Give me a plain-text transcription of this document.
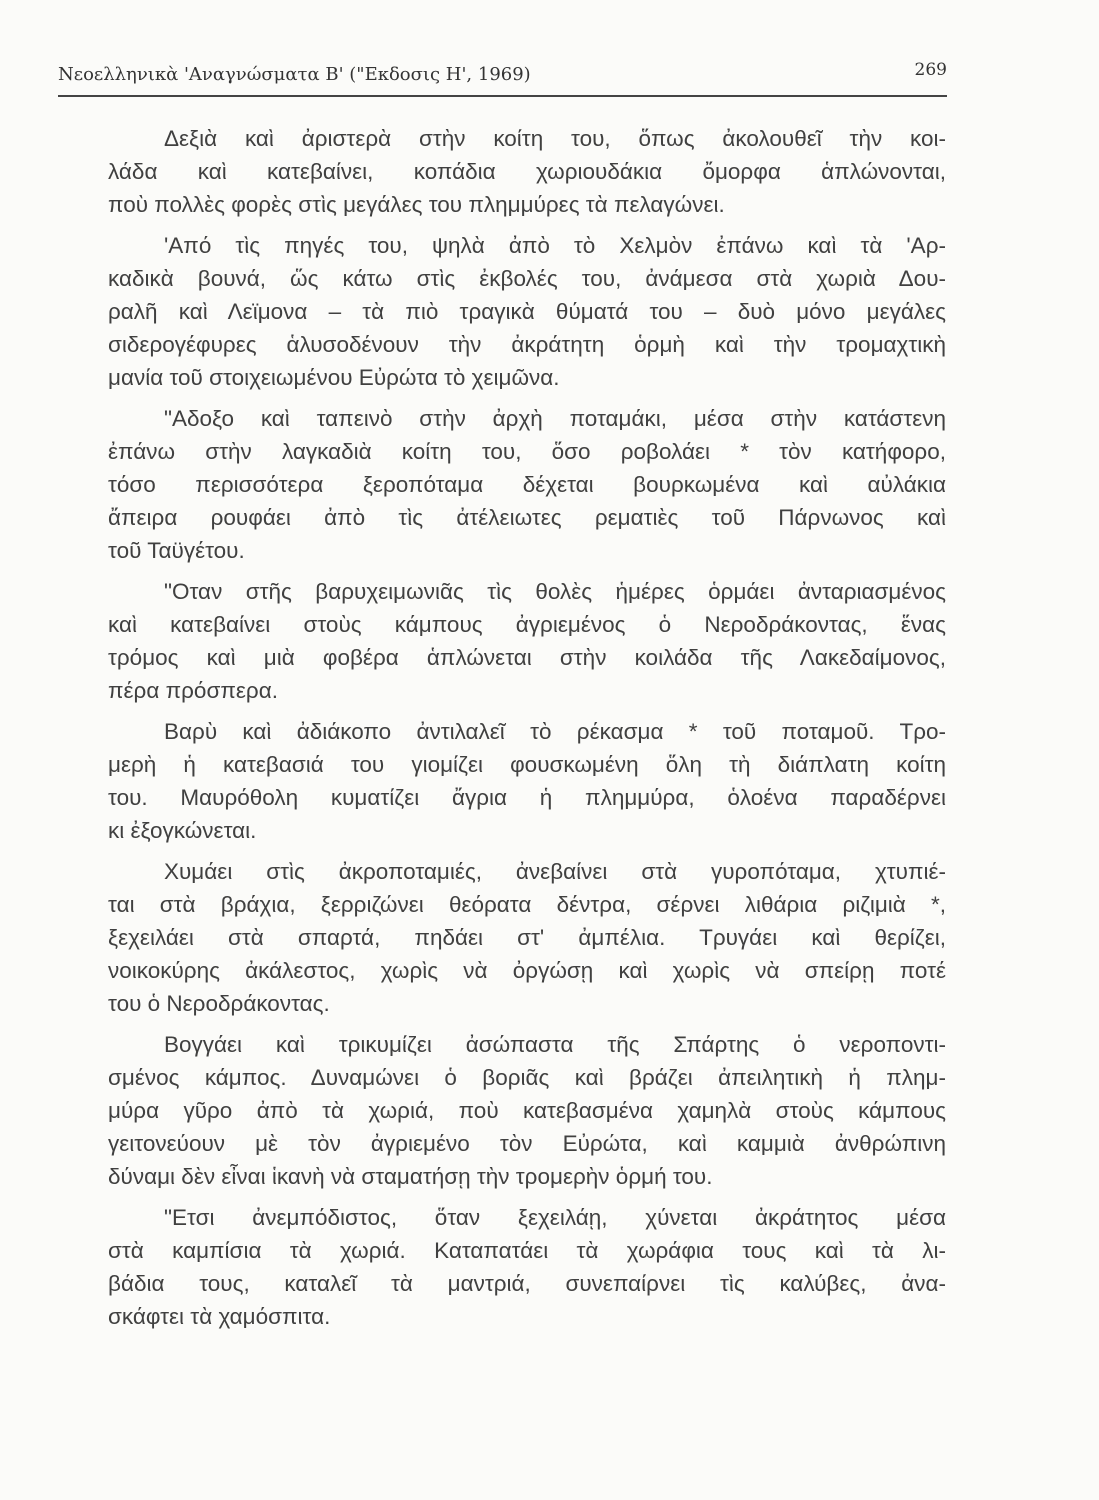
Νεοελληνικὰ 'Αναγνώσματα Β' ("Εκδοσις Η', 1969)	269
Δεξιὰ καὶ ἀριστερὰ στὴν κοίτη του, ὅπως ἀκολουθεῖ τὴν κοι-
λάδα καὶ κατεβαίνει, κοπάδια χωριουδάκια ὄμορφα ἁπλώνονται,
ποὺ πολλὲς φορὲς στὶς μεγάλες του πλημμύρες τὰ πελαγώνει.
'Από τὶς πηγές του, ψηλὰ ἀπὸ τὸ Χελμὸν ἐπάνω καὶ τὰ 'Αρ-
καδικὰ βουνά, ὥς κάτω στὶς ἐκβολές του, ἀνάμεσα στὰ χωριὰ Δου-
ραλῆ καὶ Λεϊμονα – τὰ πιὸ τραγικὰ θύματά του – δυὸ μόνο μεγάλες
σιδερογέφυρες ἁλυσοδένουν τὴν ἀκράτητη ὁρμὴ καὶ τὴν τρομαχτικὴ
μανία τοῦ στοιχειωμένου Εὐρώτα τὸ χειμῶνα.
"Αδοξο καὶ ταπεινὸ στὴν ἀρχὴ ποταμάκι, μέσα στὴν κατάστενη
ἐπάνω στὴν λαγκαδιὰ κοίτη του, ὅσο ροβολάει * τὸν κατήφορο,
τόσο περισσότερα ξεροπόταμα δέχεται βουρκωμένα καὶ αὐλάκια
ἄπειρα ρουφάει ἀπὸ τὶς ἀτέλειωτες ρεματιὲς τοῦ Πάρνωνος καὶ
τοῦ Ταϋγέτου.
"Οταν στῆς βαρυχειμωνιᾶς τὶς θολὲς ἡμέρες ὁρμάει ἀνταριασμένος
καὶ κατεβαίνει στοὺς κάμπους ἀγριεμένος ὁ Νεροδράκοντας, ἕνας
τρόμος καὶ μιὰ φοβέρα ἁπλώνεται στὴν κοιλάδα τῆς Λακεδαίμονος,
πέρα πρόσπερα.
Βαρὺ καὶ ἀδιάκοπο ἀντιλαλεῖ τὸ ρέκασμα * τοῦ ποταμοῦ. Τρο-
μερὴ ἡ κατεβασιά του γιομίζει φουσκωμένη ὅλη τὴ διάπλατη κοίτη
του. Μαυρόθολη κυματίζει ἄγρια ἡ πλημμύρα, ὁλοένα παραδέρνει
κι ἐξογκώνεται.
Χυμάει στὶς ἀκροποταμιές, ἀνεβαίνει στὰ γυροπόταμα, χτυπιέ-
ται στὰ βράχια, ξερριζώνει θεόρατα δέντρα, σέρνει λιθάρια ριζιμιὰ *,
ξεχειλάει στὰ σπαρτά, πηδάει στ' ἀμπέλια. Τρυγάει καὶ θερίζει,
νοικοκύρης ἀκάλεστος, χωρὶς νὰ ὀργώσῃ καὶ χωρὶς νὰ σπείρῃ ποτέ
του ὁ Νεροδράκοντας.
Βογγάει καὶ τρικυμίζει ἀσώπαστα τῆς Σπάρτης ὁ νεροποντι-
σμένος κάμπος. Δυναμώνει ὁ βοριᾶς καὶ βράζει ἀπειλητικὴ ἡ πλημ-
μύρα γῦρο ἀπὸ τὰ χωριά, ποὺ κατεβασμένα χαμηλὰ στοὺς κάμπους
γειτονεύουν μὲ τὸν ἀγριεμένο τὸν Εὐρώτα, καὶ καμμιὰ ἀνθρώπινη
δύναμι δὲν εἶναι ἱκανὴ νὰ σταματήσῃ τὴν τρομερὴν ὁρμή του.
"Ετσι ἀνεμπόδιστος, ὅταν ξεχειλάῃ, χύνεται ἀκράτητος μέσα
στὰ καμπίσια τὰ χωριά. Καταπατάει τὰ χωράφια τους καὶ τὰ λι-
βάδια τους, καταλεῖ τὰ μαντριά, συνεπαίρνει τὶς καλύβες, ἀνα-
σκάφτει τὰ χαμόσπιτα.
